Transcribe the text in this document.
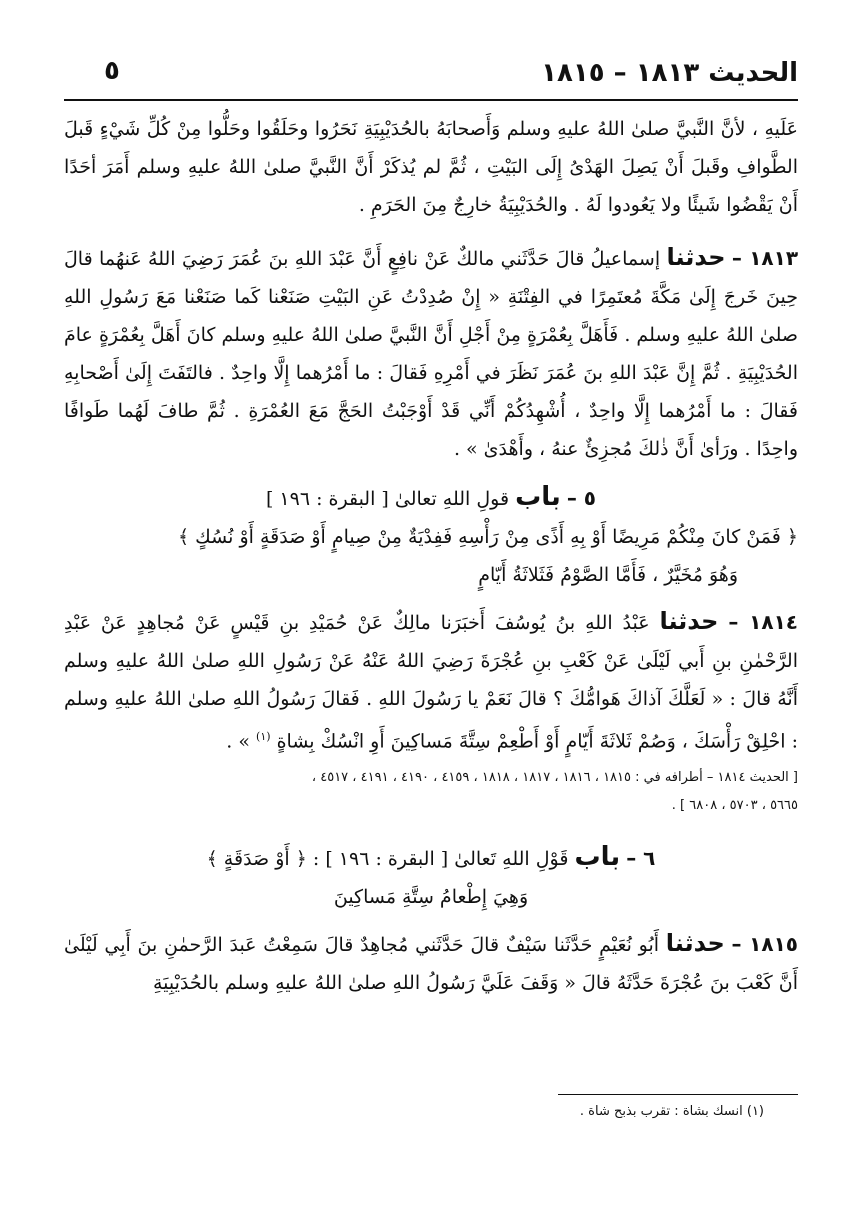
الحديث ١٨١٣ – ١٨١٥
٥

عَلَيهِ ، لأنَّ النَّبيَّ صلىٰ اللهُ عليهِ وسلم وَأَصحابَهُ بالحُدَيْبِيَةِ نَحَرُوا وحَلَقُوا وحَلُّوا مِنْ كُلِّ شَيْءٍ قَبلَ الطَّوافِ وقَبلَ أَنْ يَصِلَ الهَدْىُ إِلَى البَيْتِ ، ثُمَّ لم يُذكَرْ أَنَّ النَّبيَّ صلىٰ اللهُ عليهِ وسلم أَمَرَ أحَدًا أَنْ يَقْضُوا شَيئًا ولا يَعُودوا لَهُ . والحُدَيْبِيَةُ خارِجٌ مِنَ الحَرَمِ .

١٨١٣ – حدثنا إسماعيلُ قالَ حَدَّثَني مالكٌ عَنْ نافِعٍ أَنَّ عَبْدَ اللهِ بنَ عُمَرَ رَضِيَ اللهُ عَنهُما قالَ حِينَ خَرجَ إِلَىٰ مَكَّةَ مُعتَمِرًا في الفِتْنَةِ « إِنْ صُدِدْتُ عَنِ البَيْتِ صَنَعْنا كَما صَنَعْنا مَعَ رَسُولِ اللهِ صلىٰ اللهُ عليهِ وسلم . فَأَهَلَّ بِعُمْرَةٍ مِنْ أَجْلِ أَنَّ النَّبيَّ صلىٰ اللهُ عليهِ وسلم كانَ أَهَلَّ بِعُمْرَةٍ عامَ الحُدَيْبِيَةِ . ثُمَّ إِنَّ عَبْدَ اللهِ بنَ عُمَرَ نَظَرَ في أَمْرِهِ فَقالَ : ما أَمْرُهما إِلَّا واحِدٌ . فالتَفَتَ إِلَىٰ أَصْحابِهِ فَقالَ : ما أَمْرُهما إِلَّا واحِدٌ ، أُشْهِدُكُمْ أَنِّي قَدْ أَوْجَبْتُ الحَجَّ مَعَ العُمْرَةِ . ثُمَّ طافَ لَهُما طَوافًا واحِدًا . ورَأىٰ أَنَّ ذٰلكَ مُجزِئٌ عنهُ ، وأَهْدَىٰ » .

٥ – باب قولِ اللهِ تعالىٰ [ البقرة : ١٩٦ ]

﴿ فَمَنْ كانَ مِنْكُمْ مَرِيضًا أَوْ بِهِ أَذًى مِنْ رَأْسِهِ فَفِدْيَةٌ مِنْ صِيامٍ أَوْ صَدَقَةٍ أَوْ نُسُكٍ ﴾

وَهُوَ مُخَيَّرٌ ، فَأَمَّا الصَّوْمُ فَثَلاثَةُ أَيّامٍ

١٨١٤ – حدثنا عَبْدُ اللهِ بنُ يُوسُفَ أَخبَرَنا مالِكٌ عَنْ حُمَيْدِ بنِ قَيْسٍ عَنْ مُجاهِدٍ عَنْ عَبْدِ الرَّحْمٰنِ بنِ أَبي لَيْلَىٰ عَنْ كَعْبِ بنِ عُجْرَةَ رَضِيَ اللهُ عَنْهُ عَنْ رَسُولِ اللهِ صلىٰ اللهُ عليهِ وسلم أَنَّهُ قالَ : « لَعَلَّكَ آذاكَ هَوامُّكَ ؟ قالَ نَعَمْ يا رَسُولَ اللهِ . فَقالَ رَسُولُ اللهِ صلىٰ اللهُ عليهِ وسلم : احْلِقْ رَأْسَكَ ، وَصُمْ ثَلاثَةَ أَيّامٍ أَوْ أَطْعِمْ سِتَّةَ مَساكِينَ أَوِ انْسُكْ بِشاةٍ $^{(١)}$ » .

[ الحديث ١٨١٤ – أطرافه في : ١٨١٥ ، ١٨١٦ ، ١٨١٧ ، ١٨١٨ ، ٤١٥٩ ، ٤١٩٠ ، ٤١٩١ ، ٤٥١٧ ،
٥٦٦٥ ، ٥٧٠٣ ، ٦٨٠٨ ] .
٦ – باب قَوْلِ اللهِ تَعالىٰ [ البقرة : ١٩٦ ] : ﴿ أَوْ صَدَقَةٍ ﴾

وَهِيَ إِطْعامُ سِتَّةِ مَساكِينَ

١٨١٥ – حدثنا أَبُو نُعَيْمٍ حَدَّثَنا سَيْفٌ قالَ حَدَّثَني مُجاهِدٌ قالَ سَمِعْتُ عَبدَ الرَّحمٰنِ بنَ أَبِي لَيْلَىٰ أَنَّ كَعْبَ بنَ عُجْرَةَ حَدَّثَهُ قالَ « وَقَفَ عَلَيَّ رَسُولُ اللهِ صلىٰ اللهُ عليهِ وسلم بالحُدَيْبِيَةِ

(١) انسك بشاة : تقرب بذبح شاة .
